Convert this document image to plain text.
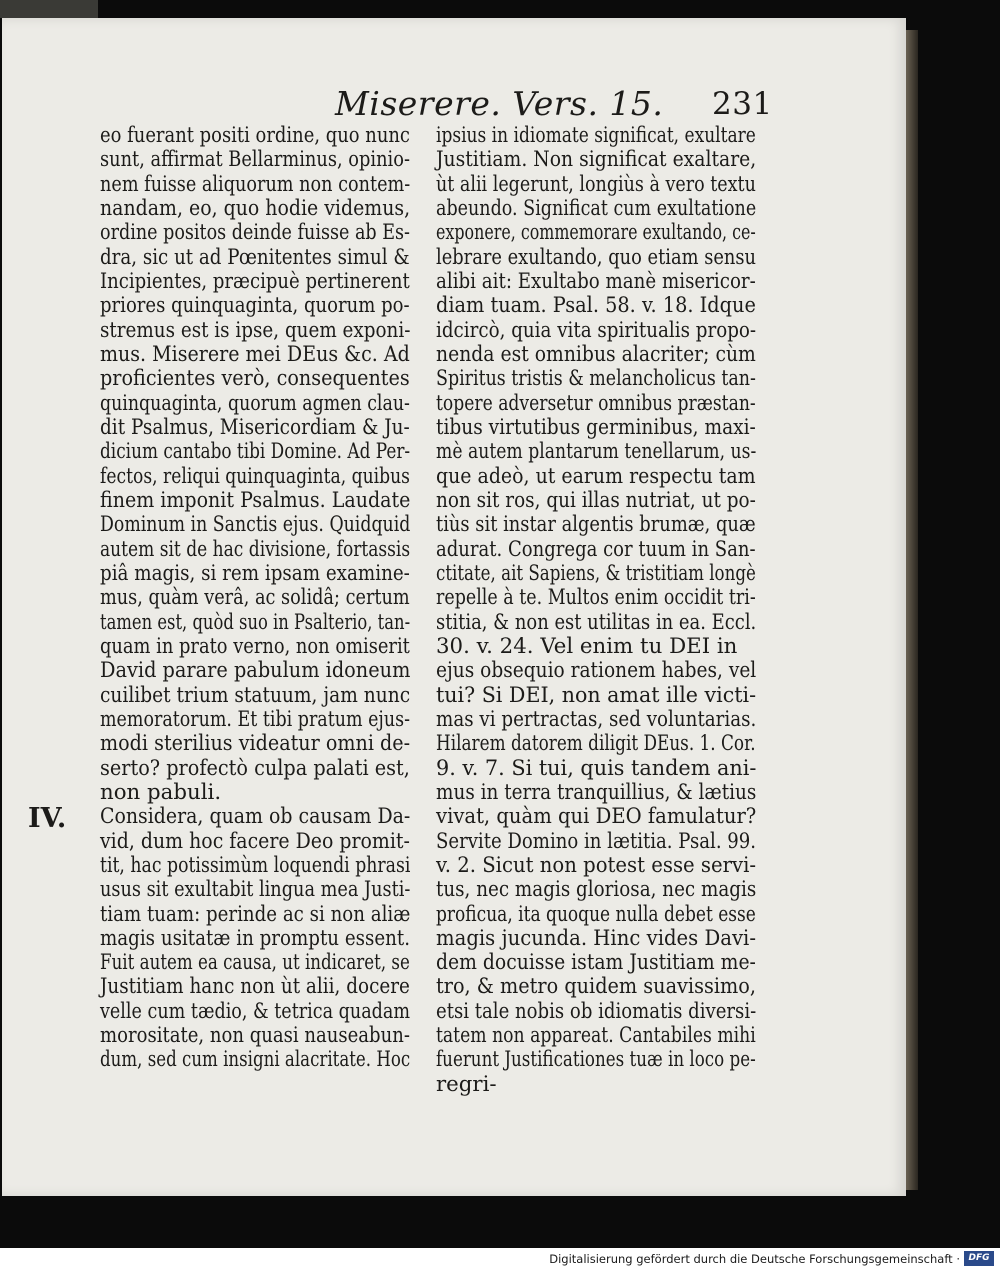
Miserere. Vers. 15. 231
IV.
eo fuerant positi ordine, quo nunc
sunt, affirmat Bellarminus, opinio-
nem fuisse aliquorum non contem-
nandam, eo, quo hodie videmus,
ordine positos deinde fuisse ab Es-
dra, sic ut ad Pœnitentes simul &
Incipientes, præcipuè pertinerent
priores quinquaginta, quorum po-
stremus est is ipse, quem exponi-
mus. Miserere mei DEus &c. Ad
proficientes verò, consequentes
quinquaginta, quorum agmen clau-
dit Psalmus, Misericordiam & Ju-
dicium cantabo tibi Domine. Ad Per-
fectos, reliqui quinquaginta, quibus
finem imponit Psalmus. Laudate
Dominum in Sanctis ejus. Quidquid
autem sit de hac divisione, fortassis
piâ magis, si rem ipsam examine-
mus, quàm verâ, ac solidâ; certum
tamen est, quòd suo in Psalterio, tan-
quam in prato verno, non omiserit
David parare pabulum idoneum
cuilibet trium statuum, jam nunc
memoratorum. Et tibi pratum ejus-
modi sterilius videatur omni de-
serto? profectò culpa palati est,
non pabuli.
Considera, quam ob causam Da-
vid, dum hoc facere Deo promit-
tit, hac potissimùm loquendi phrasi
usus sit exultabit lingua mea Justi-
tiam tuam: perinde ac si non aliæ
magis usitatæ in promptu essent.
Fuit autem ea causa, ut indicaret, se
Justitiam hanc non ùt alii, docere
velle cum tædio, & tetrica quadam
morositate, non quasi nauseabun-
dum, sed cum insigni alacritate. Hoc
ipsius in idiomate significat, exultare
Justitiam. Non significat exaltare,
ùt alii legerunt, longiùs à vero textu
abeundo. Significat cum exultatione
exponere, commemorare exultando, ce-
lebrare exultando, quo etiam sensu
alibi ait: Exultabo manè misericor-
diam tuam. Psal. 58. v. 18. Idque
idcircò, quia vita spiritualis propo-
nenda est omnibus alacriter; cùm
Spiritus tristis & melancholicus tan-
topere adversetur omnibus præstan-
tibus virtutibus germinibus, maxi-
mè autem plantarum tenellarum, us-
que adeò, ut earum respectu tam
non sit ros, qui illas nutriat, ut po-
tiùs sit instar algentis brumæ, quæ
adurat. Congrega cor tuum in San-
ctitate, ait Sapiens, & tristitiam longè
repelle à te. Multos enim occidit tri-
stitia, & non est utilitas in ea. Eccl.
30. v. 24. Vel enim tu DEI in
ejus obsequio rationem habes, vel
tui? Si DEI, non amat ille victi-
mas vi pertractas, sed voluntarias.
Hilarem datorem diligit DEus. 1. Cor.
9. v. 7. Si tui, quis tandem ani-
mus in terra tranquillius, & lætius
vivat, quàm qui DEO famulatur?
Servite Domino in lætitia. Psal. 99.
v. 2. Sicut non potest esse servi-
tus, nec magis gloriosa, nec magis
proficua, ita quoque nulla debet esse
magis jucunda. Hinc vides Davi-
dem docuisse istam Justitiam me-
tro, & metro quidem suavissimo,
etsi tale nobis ob idiomatis diversi-
tatem non appareat. Cantabiles mihi
fuerunt Justificationes tuæ in loco pe-
regri-
Digitalisierung gefördert durch die Deutsche Forschungsgemeinschaft · DFG
